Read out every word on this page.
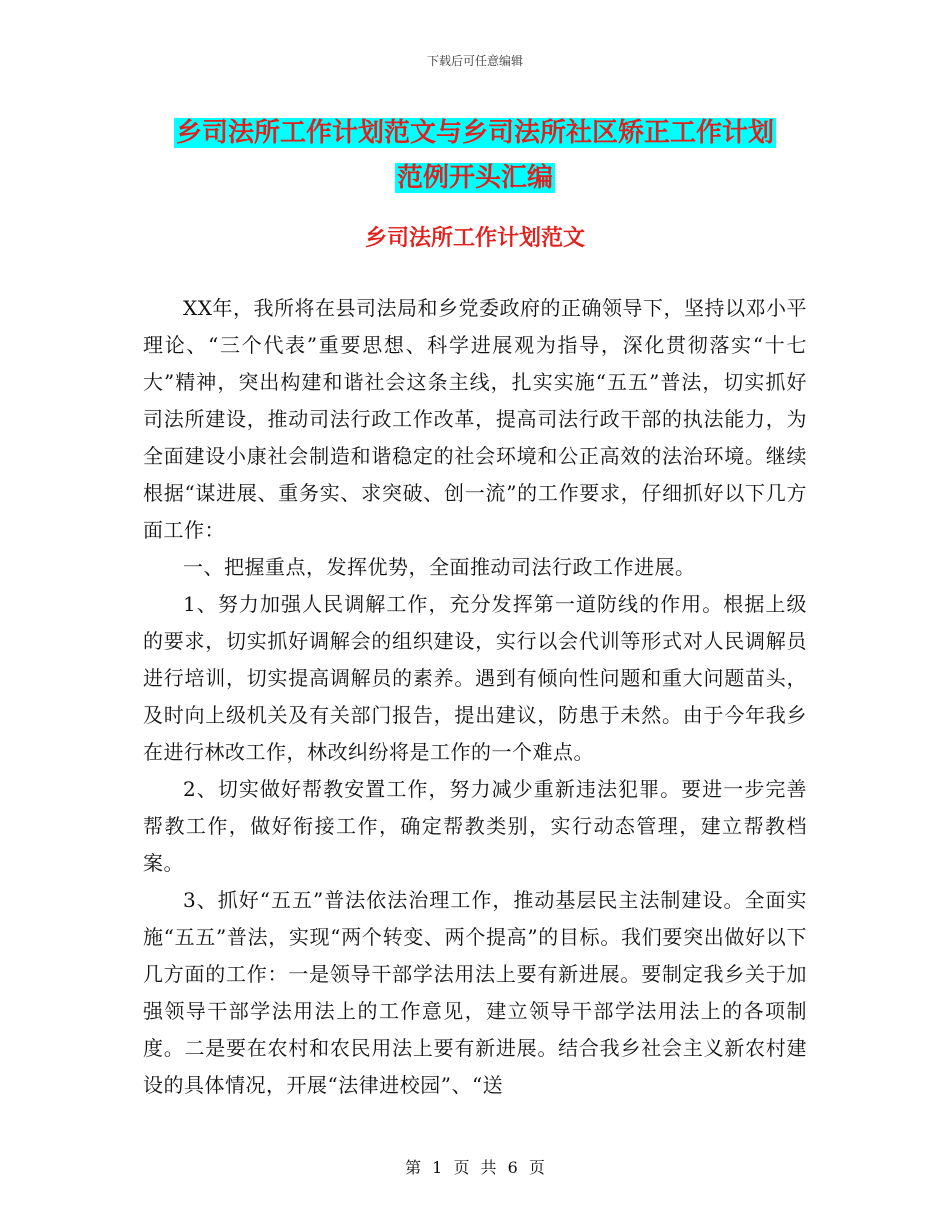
下载后可任意编辑
乡司法所工作计划范文与乡司法所社区矫正工作计划
范例开头汇编
乡司法所工作计划范文

XX年，我所将在县司法局和乡党委政府的正确领导下，坚持以邓小平理论、“三个代表”重要思想、科学进展观为指导，深化贯彻落实“十七大”精神，突出构建和谐社会这条主线，扎实实施“五五”普法，切实抓好司法所建设，推动司法行政工作改革，提高司法行政干部的执法能力，为全面建设小康社会制造和谐稳定的社会环境和公正高效的法治环境。继续根据“谋进展、重务实、求突破、创一流”的工作要求，仔细抓好以下几方面工作：

一、把握重点，发挥优势，全面推动司法行政工作进展。

1、努力加强人民调解工作，充分发挥第一道防线的作用。根据上级的要求，切实抓好调解会的组织建设，实行以会代训等形式对人民调解员进行培训，切实提高调解员的素养。遇到有倾向性问题和重大问题苗头，及时向上级机关及有关部门报告，提出建议，防患于未然。由于今年我乡在进行林改工作，林改纠纷将是工作的一个难点。

2、切实做好帮教安置工作，努力减少重新违法犯罪。要进一步完善帮教工作，做好衔接工作，确定帮教类别，实行动态管理，建立帮教档案。

3、抓好“五五”普法依法治理工作，推动基层民主法制建设。全面实施“五五”普法，实现“两个转变、两个提高”的目标。我们要突出做好以下几方面的工作：一是领导干部学法用法上要有新进展。要制定我乡关于加强领导干部学法用法上的工作意见，建立领导干部学法用法上的各项制度。二是要在农村和农民用法上要有新进展。结合我乡社会主义新农村建设的具体情况，开展“法律进校园”、“送

第 1 页 共 6 页
